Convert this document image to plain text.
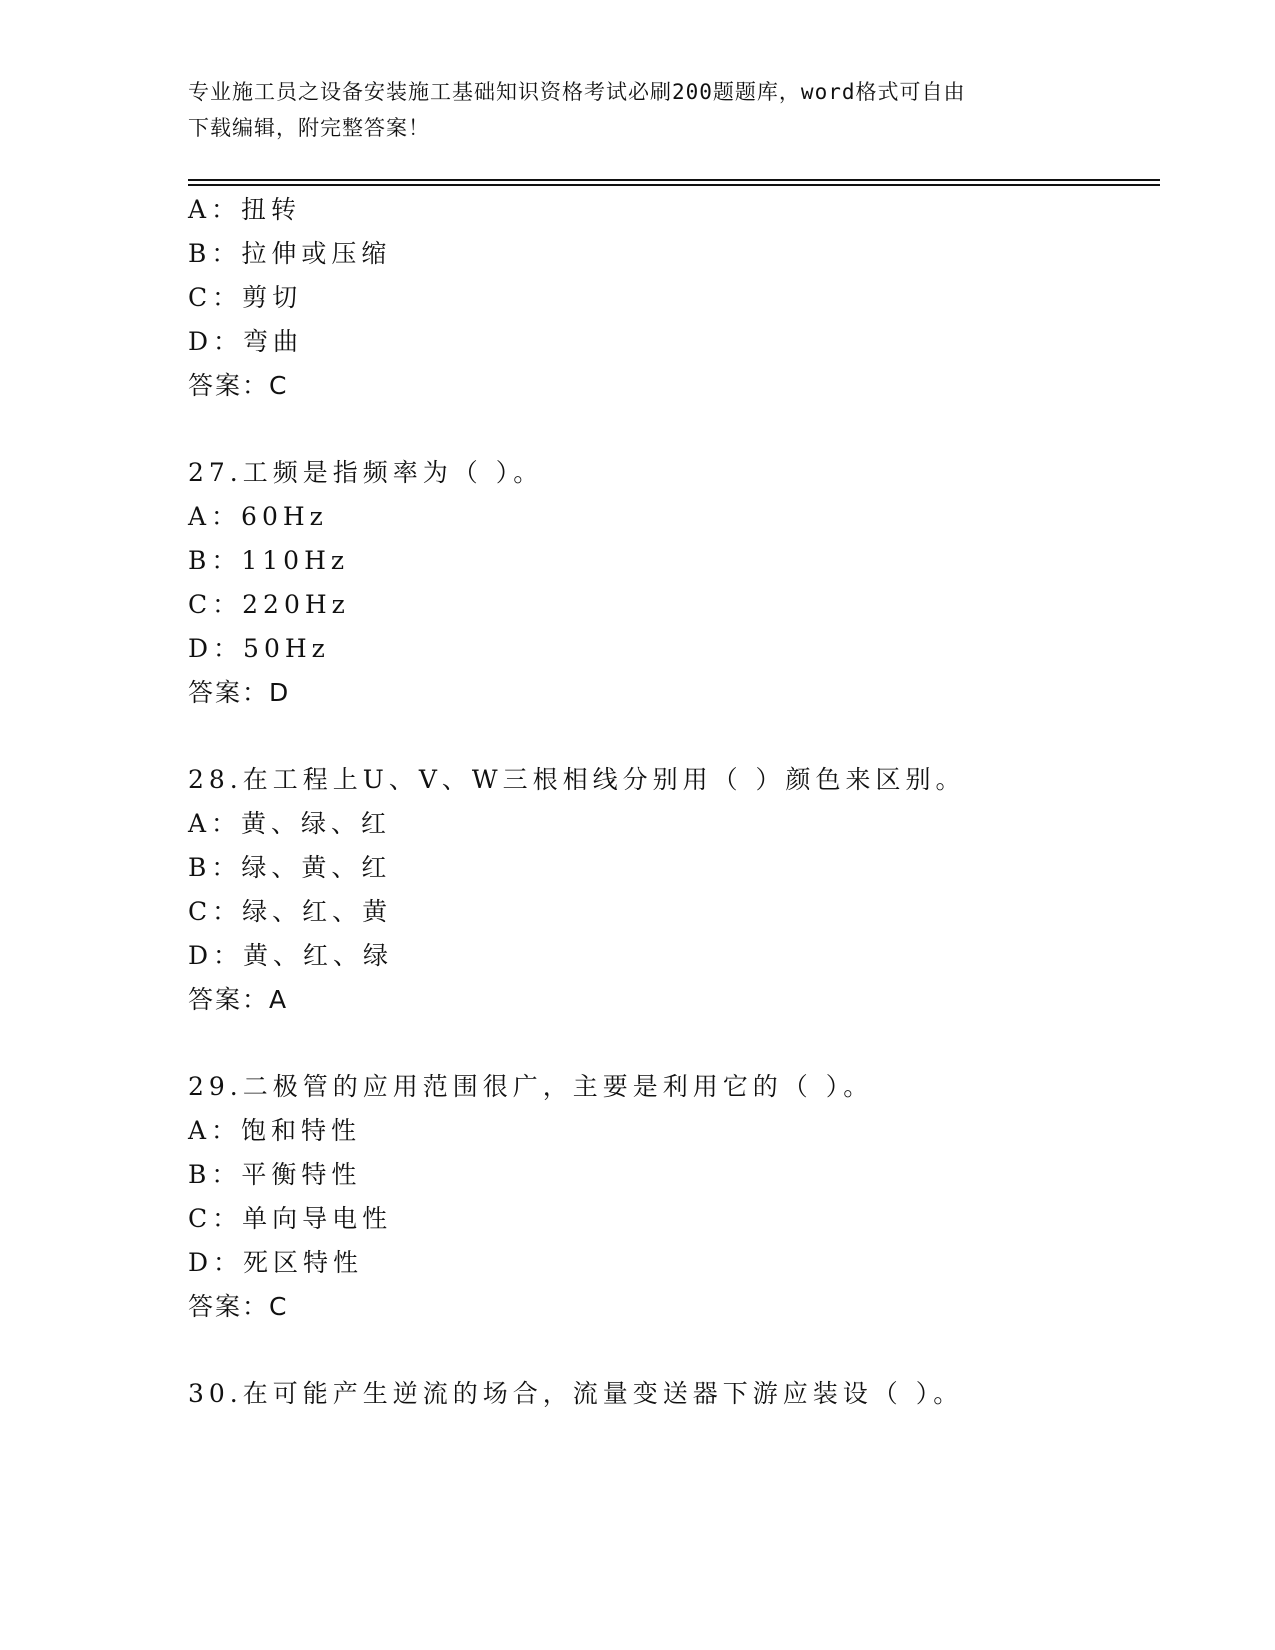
专业施工员之设备安装施工基础知识资格考试必刷200题题库，word格式可自由
下载编辑，附完整答案！
A：扭转
B：拉伸或压缩
C：剪切
D：弯曲
答案：C
27.工频是指频率为（ ）。
A：60Hz
B：110Hz
C：220Hz
D：50Hz
答案：D
28.在工程上U、V、W三根相线分别用（ ）颜色来区别。
A：黄、绿、红
B：绿、黄、红
C：绿、红、黄
D：黄、红、绿
答案：A
29.二极管的应用范围很广，主要是利用它的（ ）。
A：饱和特性
B：平衡特性
C：单向导电性
D：死区特性
答案：C
30.在可能产生逆流的场合，流量变送器下游应装设（ ）。
